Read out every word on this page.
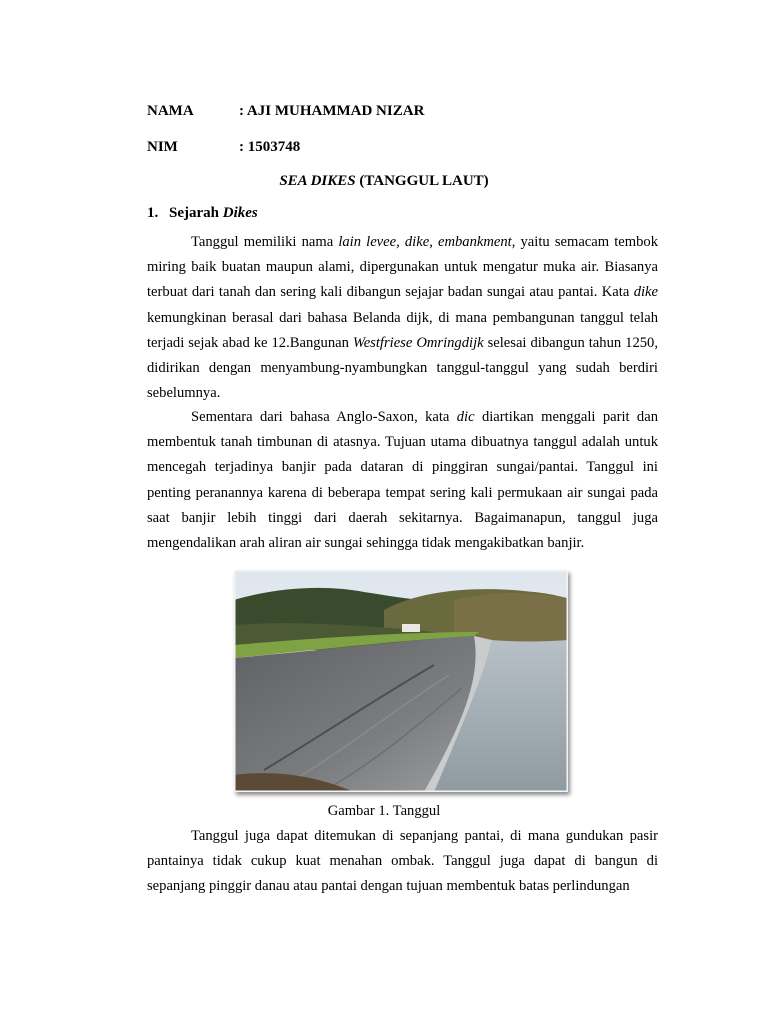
NAMA	: AJI MUHAMMAD NIZAR
NIM	: 1503748
SEA DIKES (TANGGUL LAUT)
1. Sejarah Dikes

Tanggul memiliki nama lain levee, dike, embankment, yaitu semacam tembok miring baik buatan maupun alami, dipergunakan untuk mengatur muka air. Biasanya terbuat dari tanah dan sering kali dibangun sejajar badan sungai atau pantai. Kata dike kemungkinan berasal dari bahasa Belanda dijk, di mana pembangunan tanggul telah terjadi sejak abad ke 12.Bangunan Westfriese Omringdijk selesai dibangun tahun 1250, didirikan dengan menyambung-nyambungkan tanggul-tanggul yang sudah berdiri sebelumnya.

Sementara dari bahasa Anglo-Saxon, kata dic diartikan menggali parit dan membentuk tanah timbunan di atasnya. Tujuan utama dibuatnya tanggul adalah untuk mencegah terjadinya banjir pada dataran di pinggiran sungai/pantai. Tanggul ini penting peranannya karena di beberapa tempat sering kali permukaan air sungai pada saat banjir lebih tinggi dari daerah sekitarnya. Bagaimanapun, tanggul juga mengendalikan arah aliran air sungai sehingga tidak mengakibatkan banjir.

Gambar 1. Tanggul

Tanggul juga dapat ditemukan di sepanjang pantai, di mana gundukan pasir pantainya tidak cukup kuat menahan ombak. Tanggul juga dapat di bangun di sepanjang pinggir danau atau pantai dengan tujuan membentuk batas perlindungan
